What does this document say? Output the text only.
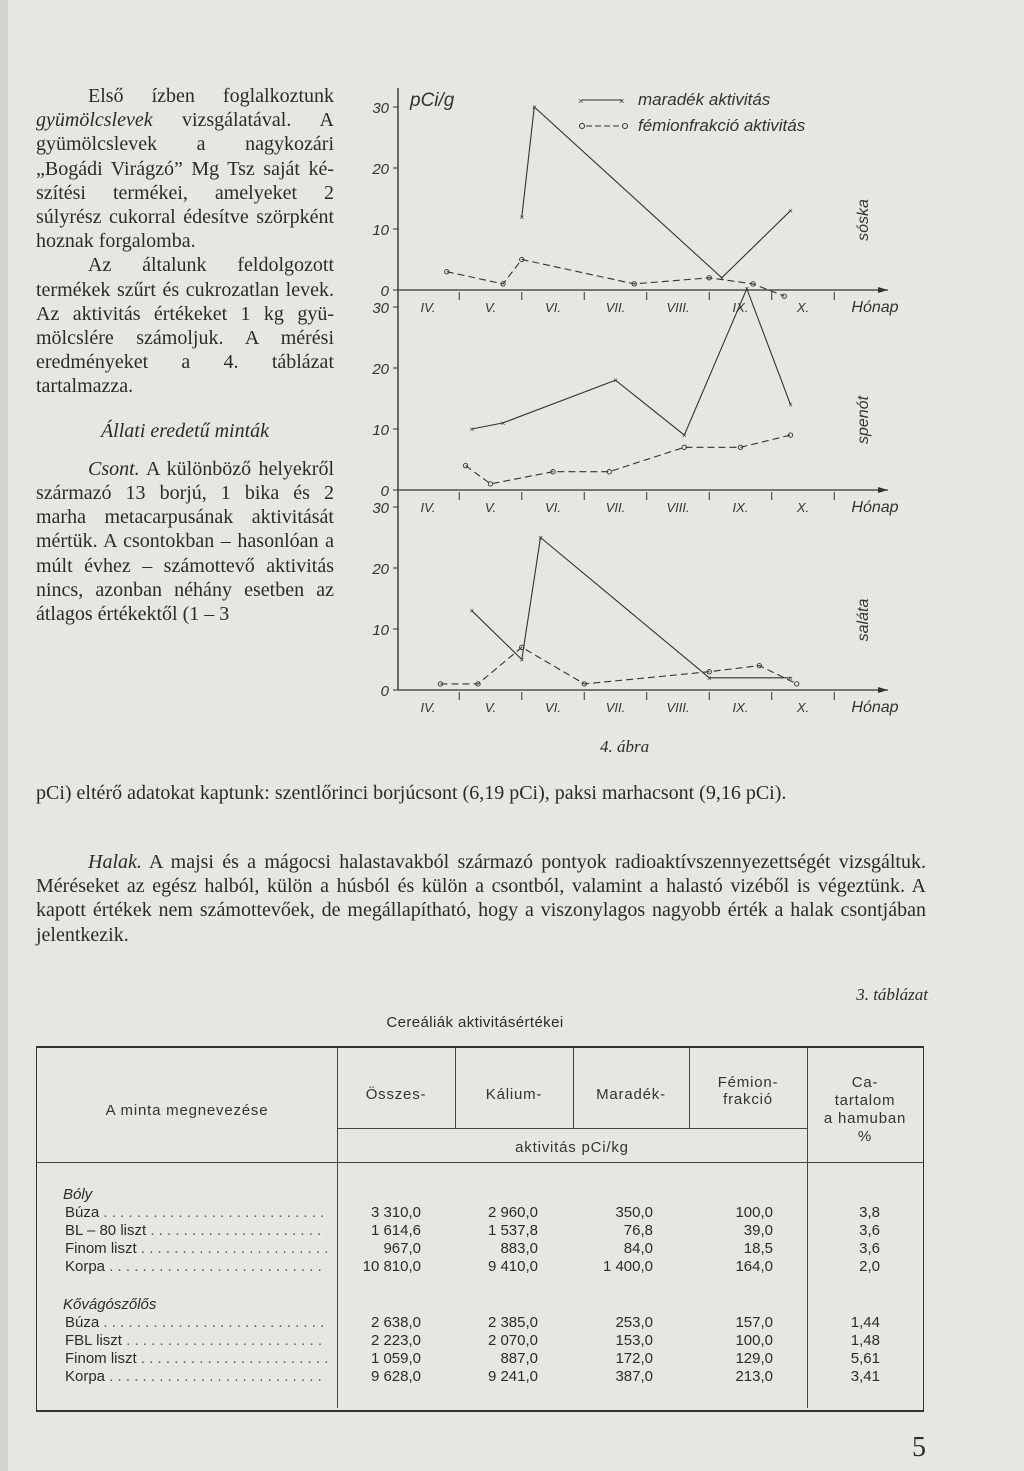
Első ízben foglalkoztunk gyümölcslevek vizsgálatával. A gyümölcslevek a nagykozári „Bogádi Virágzó” Mg Tsz saját készítési termékei, amelyeket 2 súlyrész cukorral édesítve szörpként hoznak forgalomba.

Az általunk feldolgozott termékek szűrt és cukrozatlan levek. Az aktivitás értékeket 1 kg gyümölcslére számoljuk. A mérési eredményeket a 4. táblázat tartalmazza.

Állati eredetű minták

Csont. A különböző helyekről származó 13 borjú, 1 bika és 2 marha metacarpusának aktivitását mértük. A csontokban – hasonlóan a múlt évhez – számottevő aktivitás nincs, azonban néhány esetben az átlagos értékektől (1 – 3

pCi) eltérő adatokat kaptunk: szentlőrinci borjúcsont (6,19 pCi), paksi marhacsont (9,16 pCi).
Halak. A majsi és a mágocsi halastavakból származó pontyok radioaktívszennyezettségét vizsgáltuk. Méréseket az egész halból, külön a húsból és külön a csontból, valamint a halastó vizéből is végeztünk. A kapott értékek nem számottevőek, de megállapítható, hogy a viszonylagos nagyobb érték a halak csontjában jelentkezik.
pCi/g	×	× maradék aktivitás
fémionfrakció aktivitás
0
10
20
30
IV.	V.	VI.	VII.	VIII.	IX.	X.	Hónap
sóska
×
×
×
×
0
10
20
30
IV.	V.	VI.	VII.	VIII.	IX.	X.	Hónap
spenót
×
×
×
×
×
×
0
10
20
30
IV.	V.	VI.	VII.	VIII.	IX.	X.	Hónap
saláta
×
×
×
×	×
4. ábra
3. táblázat
Cereáliák aktivitásértékei
A minta megnevezése
Összes-	Kálium-	Maradék-
Fémion-
frakció
Ca-
tartalom
a hamuban
%
aktivitás pCi/kg
Bóly
Búza . . .	3 310,0	2 960,0	350,0	100,0	3,8
BL – 80 liszt . . .	1 614,6	1 537,8	76,8	39,0	3,6
Finom liszt . . .	967,0	883,0	84,0	18,5	3,6
Korpa . . .	10 810,0	9 410,0	1 400,0	164,0	2,0
Kővágószőlős
Búza . . .	2 638,0	2 385,0	253,0	157,0	1,44
FBL liszt . . .	2 223,0	2 070,0	153,0	100,0	1,48
Finom liszt . . .	1 059,0	887,0	172,0	129,0	5,61
Korpa . . .	9 628,0	9 241,0	387,0	213,0	3,41
5
